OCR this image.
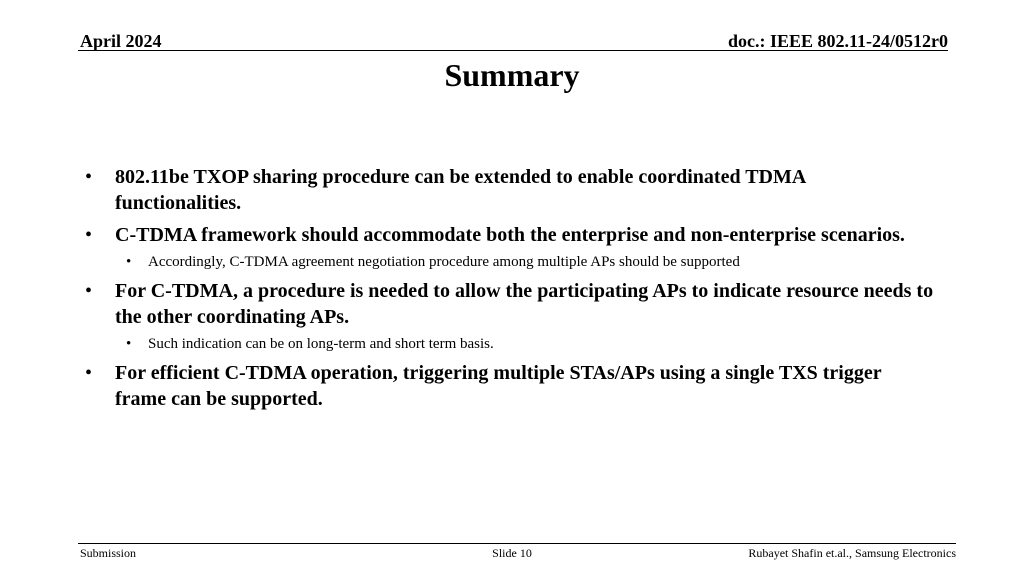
April 2024	doc.: IEEE 802.11-24/0512r0
Summary
• 802.11be TXOP sharing procedure can be extended to enable coordinated TDMA functionalities.
• C-TDMA framework should accommodate both the enterprise and non-enterprise scenarios.
• Accordingly, C-TDMA agreement negotiation procedure among multiple APs should be supported
• For C-TDMA, a procedure is needed to allow the participating APs to indicate resource needs to the other coordinating APs.
• Such indication can be on long-term and short term basis.
• For efficient C-TDMA operation, triggering multiple STAs/APs using a single TXS trigger frame can be supported.
Submission	Slide 10	Rubayet Shafin et.al., Samsung Electronics
